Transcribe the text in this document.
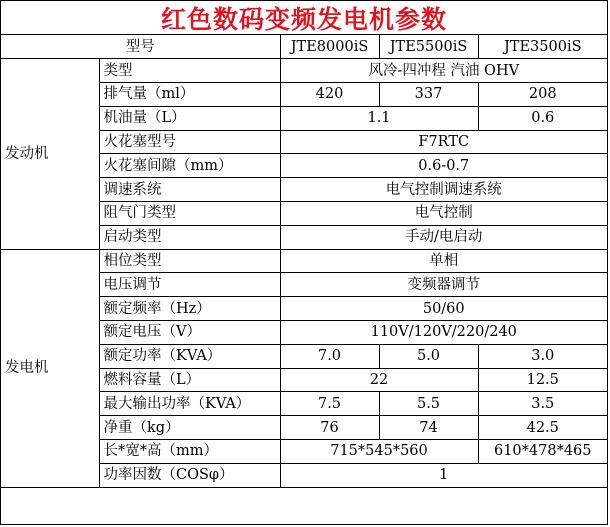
红色数码变频发电机参数
型号		JTE8000iS	JTE5500iS	JTE3500iS
发动机	类型	风冷-四冲程 汽油 OHV		
	排气量（ml）	420	337	208
	机油量（L）	1.1		0.6
	火花塞型号	F7RTC		
	火花塞间隙（mm）	0.6-0.7		
	调速系统	电气控制调速系统		
	阻气门类型	电气控制		
	启动类型	手动/电启动		
发电机	相位类型	单相		
	电压调节	变频器调节		
	额定频率（Hz）	50/60		
	额定电压（V）	110V/120V/220/240		
	额定功率（KVA）	7.0	5.0	3.0
	燃料容量（L）	22		12.5
	最大输出功率（KVA）	7.5	5.5	3.5
	净重（kg）	76	74	42.5
	长*宽*高（mm）	715*545*560		610*478*465
	功率因数（COSφ）	1		
